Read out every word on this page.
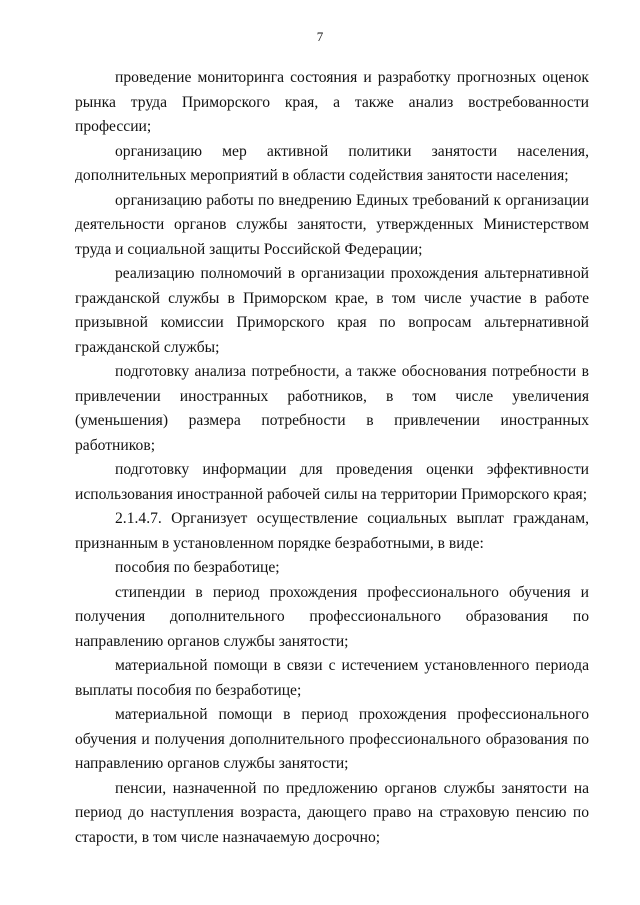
7

проведение мониторинга состояния и разработку прогнозных оценок рынка труда Приморского края, а также анализ востребованности профессии;

организацию мер активной политики занятости населения, дополнительных мероприятий в области содействия занятости населения;

организацию работы по внедрению Единых требований к организации деятельности органов службы занятости, утвержденных Министерством труда и социальной защиты Российской Федерации;

реализацию полномочий в организации прохождения альтернативной гражданской службы в Приморском крае, в том числе участие в работе призывной комиссии Приморского края по вопросам альтернативной гражданской службы;

подготовку анализа потребности, а также обоснования потребности в привлечении иностранных работников, в том числе увеличения (уменьшения) размера потребности в привлечении иностранных работников;

подготовку информации для проведения оценки эффективности использования иностранной рабочей силы на территории Приморского края;

2.1.4.7. Организует осуществление социальных выплат гражданам, признанным в установленном порядке безработными, в виде:

пособия по безработице;

стипендии в период прохождения профессионального обучения и получения дополнительного профессионального образования по направлению органов службы занятости;

материальной помощи в связи с истечением установленного периода выплаты пособия по безработице;

материальной помощи в период прохождения профессионального обучения и получения дополнительного профессионального образования по направлению органов службы занятости;

пенсии, назначенной по предложению органов службы занятости на период до наступления возраста, дающего право на страховую пенсию по старости, в том числе назначаемую досрочно;
